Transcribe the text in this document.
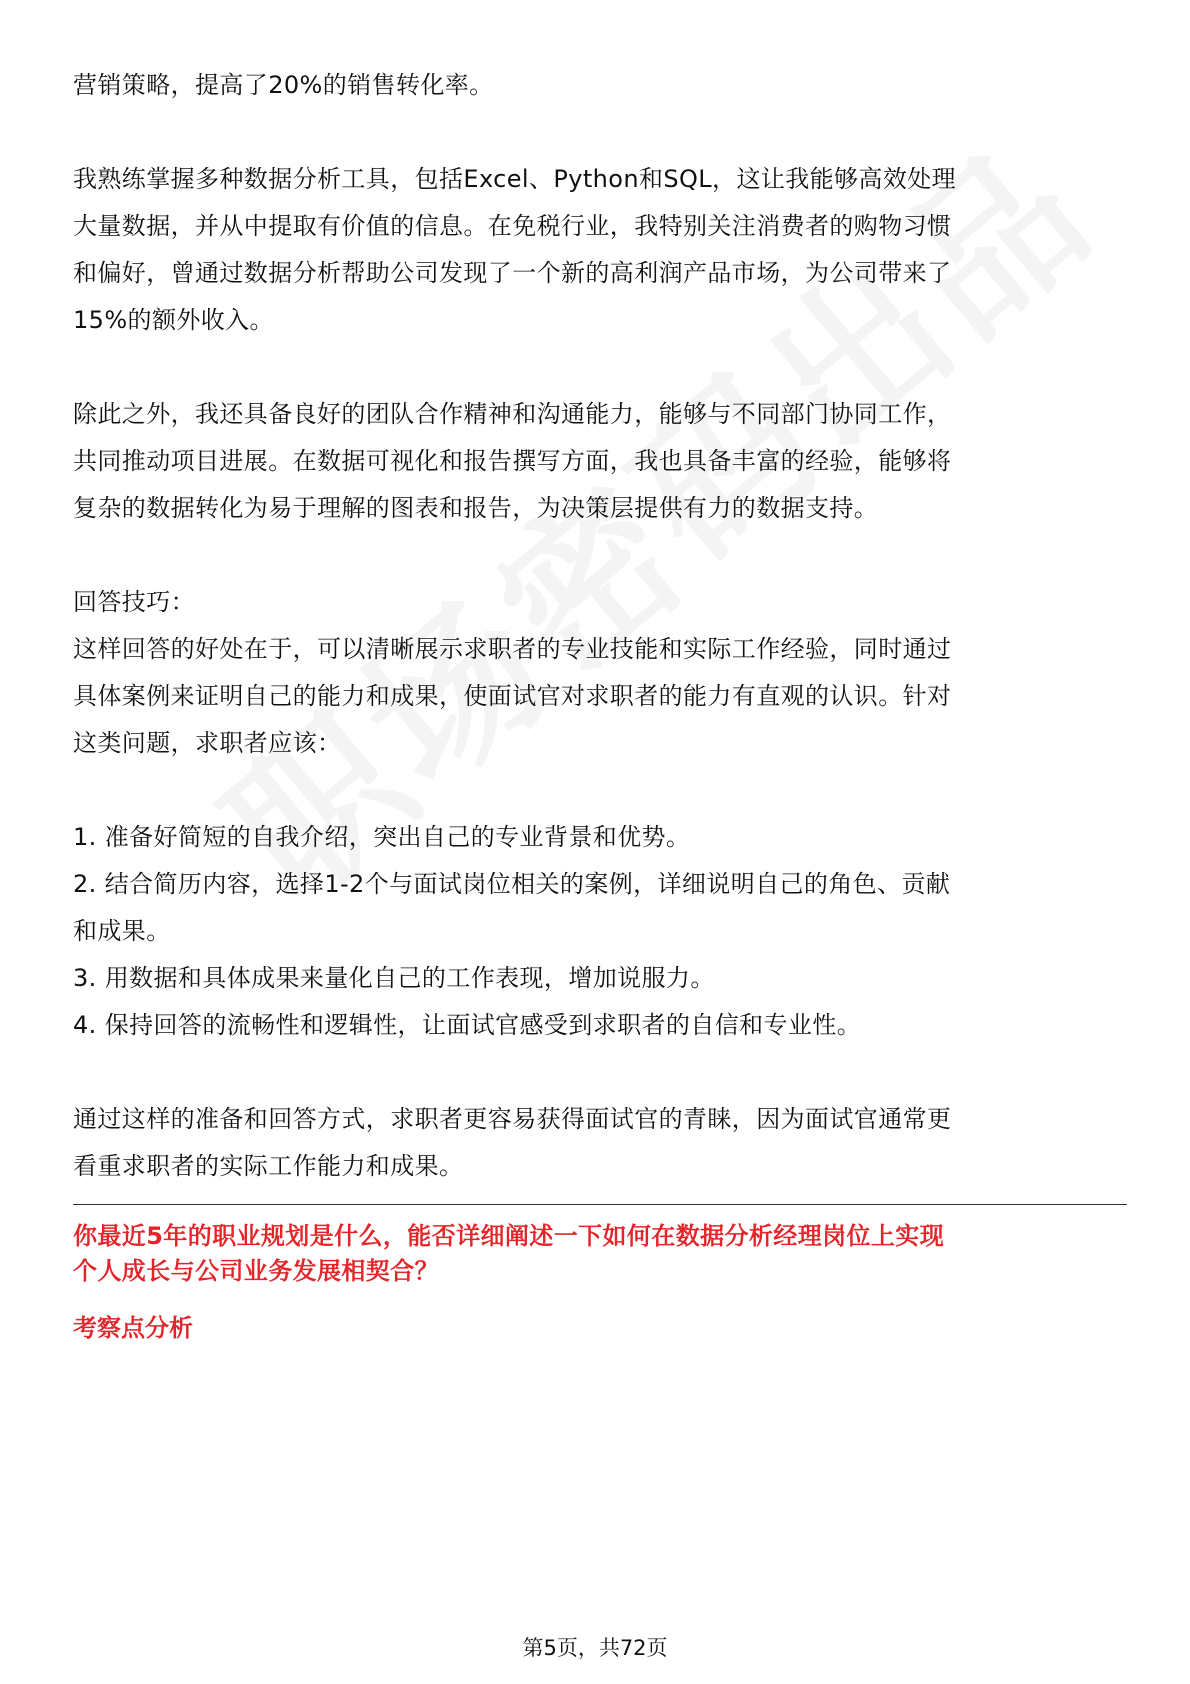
营销策略，提高了20%的销售转化率。

我熟练掌握多种数据分析工具，包括Excel、Python和SQL，这让我能够高效处理

大量数据，并从中提取有价值的信息。在免税行业，我特别关注消费者的购物习惯

和偏好，曾通过数据分析帮助公司发现了一个新的高利润产品市场，为公司带来了

15%的额外收入。

除此之外，我还具备良好的团队合作精神和沟通能力，能够与不同部门协同工作，

共同推动项目进展。在数据可视化和报告撰写方面，我也具备丰富的经验，能够将

复杂的数据转化为易于理解的图表和报告，为决策层提供有力的数据支持。

回答技巧：

这样回答的好处在于，可以清晰展示求职者的专业技能和实际工作经验，同时通过

具体案例来证明自己的能力和成果，使面试官对求职者的能力有直观的认识。针对

这类问题，求职者应该：

1. 准备好简短的自我介绍，突出自己的专业背景和优势。

2. 结合简历内容，选择1-2个与面试岗位相关的案例，详细说明自己的角色、贡献

和成果。

3. 用数据和具体成果来量化自己的工作表现，增加说服力。

4. 保持回答的流畅性和逻辑性，让面试官感受到求职者的自信和专业性。

通过这样的准备和回答方式，求职者更容易获得面试官的青睐，因为面试官通常更

看重求职者的实际工作能力和成果。

你最近5年的职业规划是什么，能否详细阐述一下如何在数据分析经理岗位上实现
个人成长与公司业务发展相契合？

考察点分析

第5页，共72页
